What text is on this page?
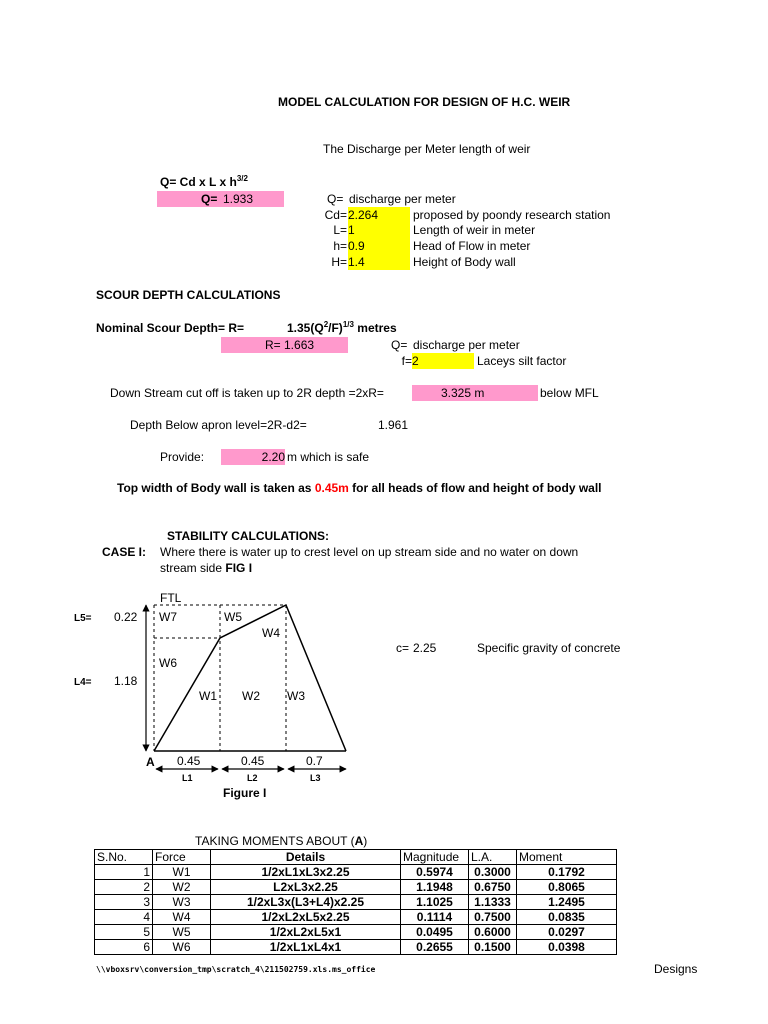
MODEL CALCULATION FOR DESIGN OF H.C. WEIR
The Discharge per Meter length of weir
Q= Cd x L x $h^{3/2}$
Q= 1.933	Q= discharge per meter
Cd= 2.264	proposed by poondy research station
L= 1	Length of weir in meter
h= 0.9	Head of Flow in meter
H= 1.4	Height of Body wall
SCOUR DEPTH CALCULATIONS
Nominal Scour Depth= R=	$1.35(Q^2/F)^{1/3}$ metres
R= 1.663	Q= discharge per meter
f= 2	Laceys silt factor
Down Stream cut off is taken up to 2R depth =2xR=	3.325 m	below MFL
Depth Below apron level=2R-d2=	1.961
Provide:	2.20 m which is safe
Top width of Body wall is taken as 0.45m for all heads of flow and height of body wall
STABILITY CALCULATIONS:
CASE I: Where there is water up to crest level on up stream side and no water on down
stream side FIG I
c= 2.25	Specific gravity of concrete
FTL
L5= 0.22
L4= 1.18
W7	W5
W4
W6
W1 W2 W3
A 0.45	0.45	0.7
L1	L2	L3
Figure I
TAKING MOMENTS ABOUT (A)
S.No.	Force	Details	Magnitude	L.A.	Moment
1	W1	1/2xL1xL3x2.25	0.5974	0.3000	0.1792
2	W2	L2xL3x2.25	1.1948	0.6750	0.8065
3	W3	1/2xL3x(L3+L4)x2.25	1.1025	1.1333	1.2495
4	W4	1/2xL2xL5x2.25	0.1114	0.7500	0.0835
5	W5	1/2xL2xL5x1	0.0495	0.6000	0.0297
6	W6	1/2xL1xL4x1	0.2655	0.1500	0.0398
\\vboxsrv\conversion_tmp\scratch_4\211502759.xls.ms_office	Designs
